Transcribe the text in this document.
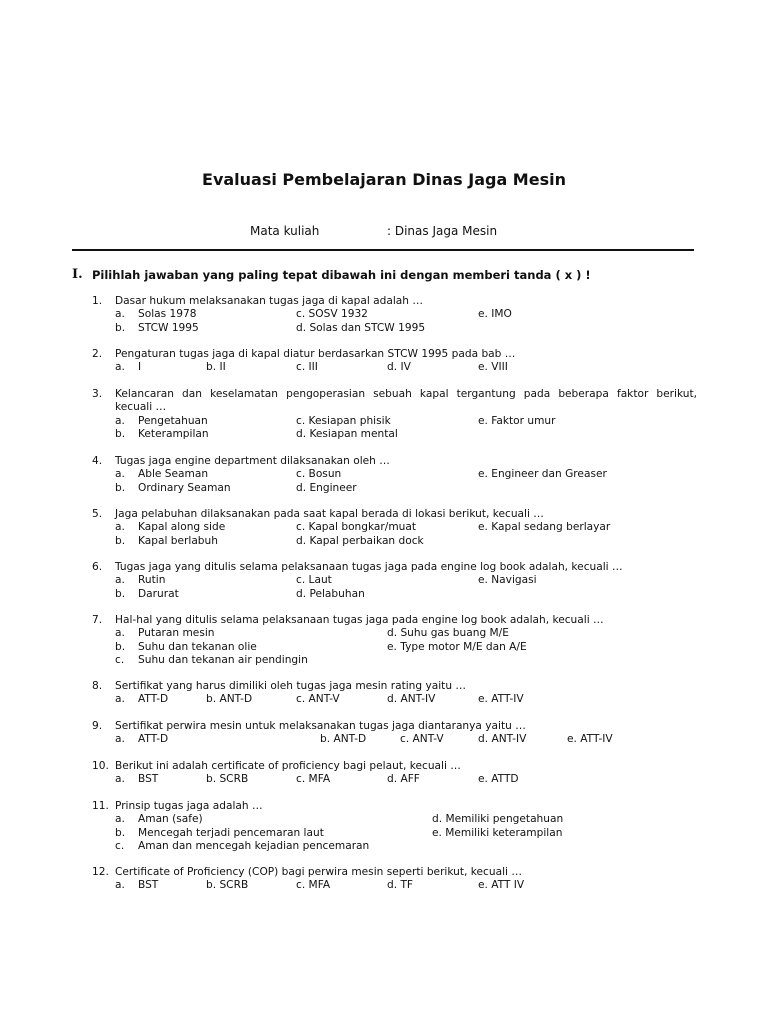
Evaluasi Pembelajaran Dinas Jaga Mesin
Mata kuliah	: Dinas Jaga Mesin
I. Pilihlah jawaban yang paling tepat dibawah ini dengan memberi tanda ( x ) !
1.	Dasar hukum melaksanakan tugas jaga di kapal adalah …
a. Solas 1978	c. SOSV 1932	e. IMO
b. STCW 1995	d. Solas dan STCW 1995
2.	Pengaturan tugas jaga di kapal diatur berdasarkan STCW 1995 pada bab …
a. I	b. II	c. III	d. IV	e. VIII
3.	Kelancaran dan keselamatan pengoperasian sebuah kapal tergantung pada beberapa faktor berikut,
kecuali …
a. Pengetahuan	c. Kesiapan phisik	e. Faktor umur
b. Keterampilan	d. Kesiapan mental
4.	Tugas jaga engine department dilaksanakan oleh …
a. Able Seaman	c. Bosun	e. Engineer dan Greaser
b. Ordinary Seaman	d. Engineer
5.	Jaga pelabuhan dilaksanakan pada saat kapal berada di lokasi berikut, kecuali …
a. Kapal along side	c. Kapal bongkar/muat	e. Kapal sedang berlayar
b. Kapal berlabuh	d. Kapal perbaikan dock
6.	Tugas jaga yang ditulis selama pelaksanaan tugas jaga pada engine log book adalah, kecuali …
a. Rutin	c. Laut	e. Navigasi
b. Darurat	d. Pelabuhan
7.	Hal-hal yang ditulis selama pelaksanaan tugas jaga pada engine log book adalah, kecuali …
a. Putaran mesin	d. Suhu gas buang M/E
b. Suhu dan tekanan olie	e. Type motor M/E dan A/E
c. Suhu dan tekanan air pendingin
8.	Sertifikat yang harus dimiliki oleh tugas jaga mesin rating yaitu …
a. ATT-D	b. ANT-D	c. ANT-V	d. ANT-IV	e. ATT-IV
9.	Sertifikat perwira mesin untuk melaksanakan tugas jaga diantaranya yaitu …
a. ATT-D	b. ANT-D	c. ANT-V	d. ANT-IV	e. ATT-IV
10. Berikut ini adalah certificate of proficiency bagi pelaut, kecuali …
a. BST	b. SCRB	c. MFA	d. AFF	e. ATTD
11. Prinsip tugas jaga adalah …
a. Aman (safe)	d. Memiliki pengetahuan
b. Mencegah terjadi pencemaran laut	e. Memiliki keterampilan
c. Aman dan mencegah kejadian pencemaran
12. Certificate of Proficiency (COP) bagi perwira mesin seperti berikut, kecuali …
a. BST	b. SCRB	c. MFA	d. TF	e. ATT IV
